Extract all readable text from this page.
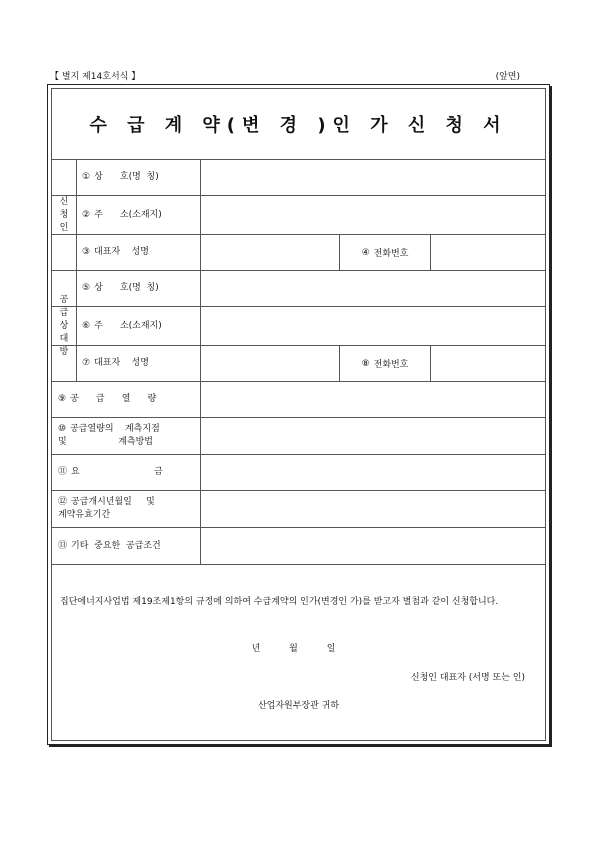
【 별지 제14호서식 】	(앞면)
수 급 계 약(변 경 )인 가 신 청 서
신청인
① 상      호(명  칭)
② 주      소(소재지)
③ 대표자    성명	④ 전화번호
공급상대방
⑤ 상      호(명  칭)
⑥ 주      소(소재지)
⑦ 대표자    성명	⑧ 전화번호
⑨ 공      급      열      량
⑩ 공급열량의    계측지점
및                  계측방법
⑪ 요                          금
⑫ 공급개시년월일     및
계약유효기간
⑬ 기타  중요한  공급조건
집단에너지사업법 제19조제1항의 규정에 의하여 수급계약의 인가(변경인 가)를 받고자 별첨과 같이 신청합니다.
년 월 일
신청인 대표자 (서명 또는 인)
산업자원부장관 귀하
